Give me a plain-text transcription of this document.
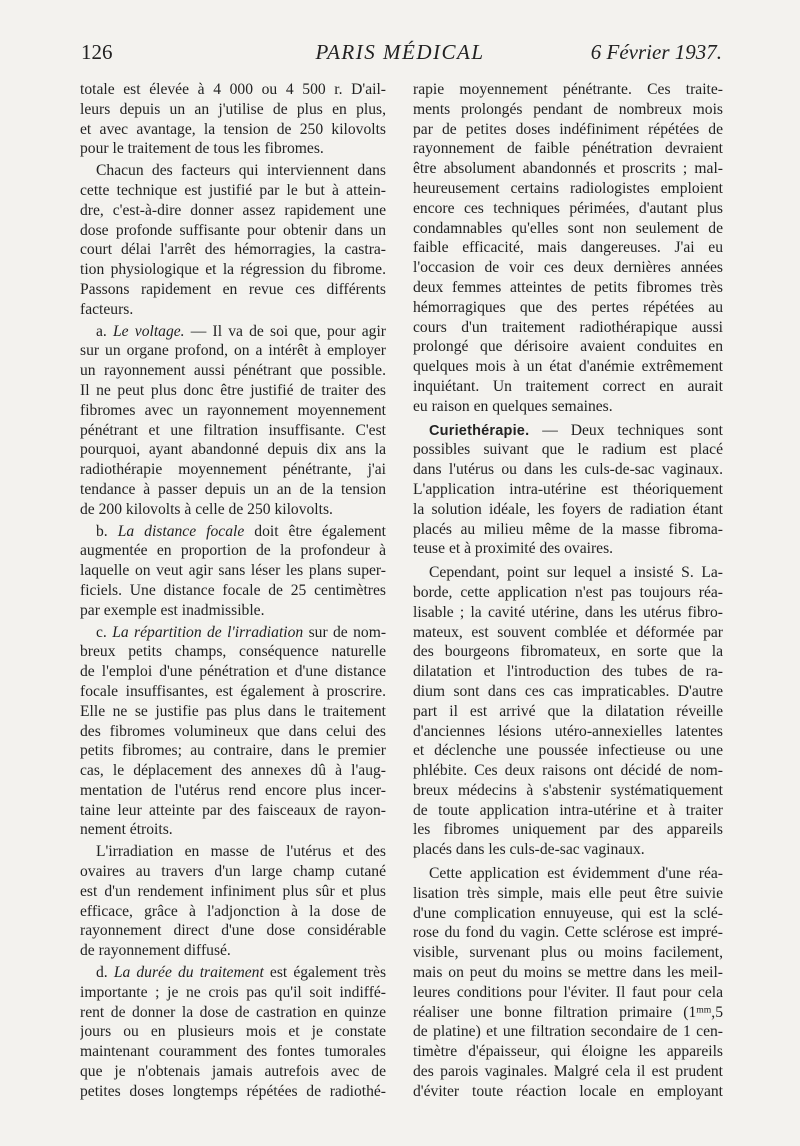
126	PARIS MÉDICAL	6 Février 1937.
totale est élevée à 4 000 ou 4 500 r. D'ail-
leurs depuis un an j'utilise de plus en plus,
et avec avantage, la tension de 250 kilovolts
pour le traitement de tous les fibromes.
Chacun des facteurs qui interviennent dans
cette technique est justifié par le but à attein-
dre, c'est-à-dire donner assez rapidement une
dose profonde suffisante pour obtenir dans un
court délai l'arrêt des hémorragies, la castra-
tion physiologique et la régression du fibrome.
Passons rapidement en revue ces différents
facteurs.
a. Le voltage. — Il va de soi que, pour agir
sur un organe profond, on a intérêt à employer
un rayonnement aussi pénétrant que possible.
Il ne peut plus donc être justifié de traiter des
fibromes avec un rayonnement moyennement
pénétrant et une filtration insuffisante. C'est
pourquoi, ayant abandonné depuis dix ans la
radiothérapie moyennement pénétrante, j'ai
tendance à passer depuis un an de la tension
de 200 kilovolts à celle de 250 kilovolts.
b. La distance focale doit être également
augmentée en proportion de la profondeur à
laquelle on veut agir sans léser les plans super-
ficiels. Une distance focale de 25 centimètres
par exemple est inadmissible.
c. La répartition de l'irradiation sur de nom-
breux petits champs, conséquence naturelle
de l'emploi d'une pénétration et d'une distance
focale insuffisantes, est également à proscrire.
Elle ne se justifie pas plus dans le traitement
des fibromes volumineux que dans celui des
petits fibromes; au contraire, dans le premier
cas, le déplacement des annexes dû à l'aug-
mentation de l'utérus rend encore plus incer-
taine leur atteinte par des faisceaux de rayon-
nement étroits.
L'irradiation en masse de l'utérus et des
ovaires au travers d'un large champ cutané
est d'un rendement infiniment plus sûr et plus
efficace, grâce à l'adjonction à la dose de
rayonnement direct d'une dose considérable
de rayonnement diffusé.
d. La durée du traitement est également très
importante ; je ne crois pas qu'il soit indiffé-
rent de donner la dose de castration en quinze
jours ou en plusieurs mois et je constate
maintenant couramment des fontes tumorales
que je n'obtenais jamais autrefois avec de
petites doses longtemps répétées de radiothé-
rapie moyennement pénétrante. Ces traite-
ments prolongés pendant de nombreux mois
par de petites doses indéfiniment répétées de
rayonnement de faible pénétration devraient
être absolument abandonnés et proscrits ; mal-
heureusement certains radiologistes emploient
encore ces techniques périmées, d'autant plus
condamnables qu'elles sont non seulement de
faible efficacité, mais dangereuses. J'ai eu
l'occasion de voir ces deux dernières années
deux femmes atteintes de petits fibromes très
hémorragiques que des pertes répétées au
cours d'un traitement radiothérapique aussi
prolongé que dérisoire avaient conduites en
quelques mois à un état d'anémie extrêmement
inquiétant. Un traitement correct en aurait
eu raison en quelques semaines.
Curiethérapie. — Deux techniques sont
possibles suivant que le radium est placé
dans l'utérus ou dans les culs-de-sac vaginaux.
L'application intra-utérine est théoriquement
la solution idéale, les foyers de radiation étant
placés au milieu même de la masse fibroma-
teuse et à proximité des ovaires.
Cependant, point sur lequel a insisté S. La-
borde, cette application n'est pas toujours réa-
lisable ; la cavité utérine, dans les utérus fibro-
mateux, est souvent comblée et déformée par
des bourgeons fibromateux, en sorte que la
dilatation et l'introduction des tubes de ra-
dium sont dans ces cas impraticables. D'autre
part il est arrivé que la dilatation réveille
d'anciennes lésions utéro-annexielles latentes
et déclenche une poussée infectieuse ou une
phlébite. Ces deux raisons ont décidé de nom-
breux médecins à s'abstenir systématiquement
de toute application intra-utérine et à traiter
les fibromes uniquement par des appareils
placés dans les culs-de-sac vaginaux.
Cette application est évidemment d'une réa-
lisation très simple, mais elle peut être suivie
d'une complication ennuyeuse, qui est la sclé-
rose du fond du vagin. Cette sclérose est impré-
visible, survenant plus ou moins facilement,
mais on peut du moins se mettre dans les meil-
leures conditions pour l'éviter. Il faut pour cela
réaliser une bonne filtration primaire ($1^{mm},5$
de platine) et une filtration secondaire de 1 cen-
timètre d'épaisseur, qui éloigne les appareils
des parois vaginales. Malgré cela il est prudent
d'éviter toute réaction locale en employant
